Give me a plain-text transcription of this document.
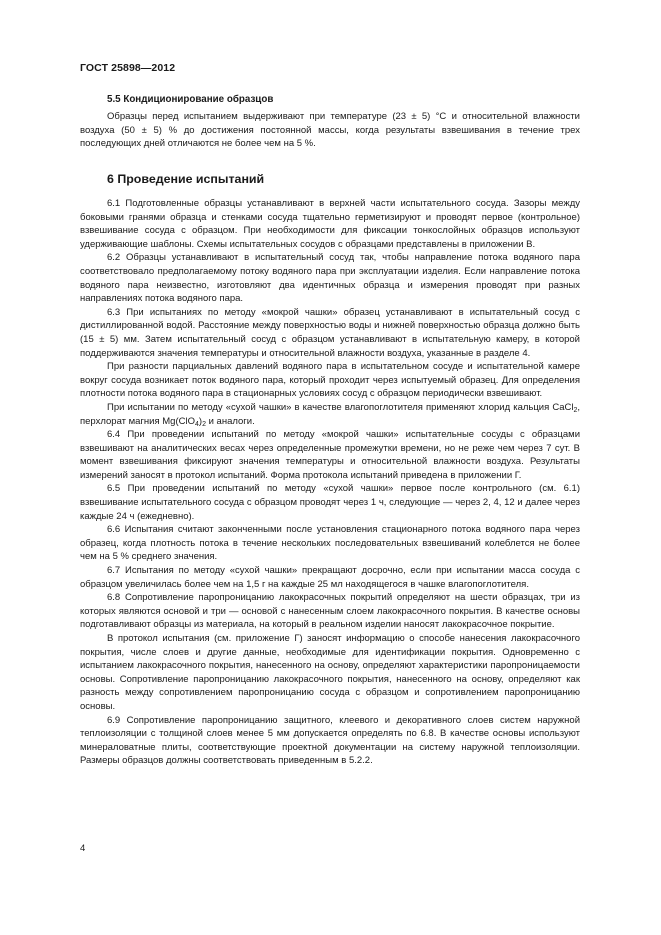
ГОСТ 25898—2012
5.5 Кондиционирование образцов

Образцы перед испытанием выдерживают при температуре (23 ± 5) °С и относительной влажности воздуха (50 ± 5) % до достижения постоянной массы, когда результаты взвешивания в течение трех последующих дней отличаются не более чем на 5 %.

6 Проведение испытаний

6.1 Подготовленные образцы устанавливают в верхней части испытательного сосуда. Зазоры между боковыми гранями образца и стенками сосуда тщательно герметизируют и проводят первое (контрольное) взвешивание сосуда с образцом. При необходимости для фиксации тонкослойных образцов используют удерживающие шаблоны. Схемы испытательных сосудов с образцами представлены в приложении В.

6.2 Образцы устанавливают в испытательный сосуд так, чтобы направление потока водяного пара соответствовало предполагаемому потоку водяного пара при эксплуатации изделия. Если направление потока водяного пара неизвестно, изготовляют два идентичных образца и измерения проводят при разных направлениях потока водяного пара.

6.3 При испытаниях по методу «мокрой чашки» образец устанавливают в испытательный сосуд с дистиллированной водой. Расстояние между поверхностью воды и нижней поверхностью образца должно быть (15 ± 5) мм. Затем испытательный сосуд с образцом устанавливают в испытательную камеру, в которой поддерживаются значения температуры и относительной влажности воздуха, указанные в разделе 4.

При разности парциальных давлений водяного пара в испытательном сосуде и испытательной камере вокруг сосуда возникает поток водяного пара, который проходит через испытуемый образец. Для определения плотности потока водяного пара в стационарных условиях сосуд с образцом периодически взвешивают.

При испытании по методу «сухой чашки» в качестве влагопоглотителя применяют хлорид кальция CaCl$_2$, перхлорат магния $Mg(ClO_4)_2$ и аналоги.

6.4 При проведении испытаний по методу «мокрой чашки» испытательные сосуды с образцами взвешивают на аналитических весах через определенные промежутки времени, но не реже чем через 7 сут. В момент взвешивания фиксируют значения температуры и относительной влажности воздуха. Результаты измерений заносят в протокол испытаний. Форма протокола испытаний приведена в приложении Г.

6.5 При проведении испытаний по методу «сухой чашки» первое после контрольного (см. 6.1) взвешивание испытательного сосуда с образцом проводят через 1 ч, следующие — через 2, 4, 12 и далее через каждые 24 ч (ежедневно).

6.6 Испытания считают законченными после установления стационарного потока водяного пара через образец, когда плотность потока в течение нескольких последовательных взвешиваний колеблется не более чем на 5 % среднего значения.

6.7 Испытания по методу «сухой чашки» прекращают досрочно, если при испытании масса сосуда с образцом увеличилась более чем на 1,5 г на каждые 25 мл находящегося в чашке влагопоглотителя.

6.8 Сопротивление паропроницанию лакокрасочных покрытий определяют на шести образцах, три из которых являются основой и три — основой с нанесенным слоем лакокрасочного покрытия. В качестве основы подготавливают образцы из материала, на который в реальном изделии наносят лакокрасочное покрытие.

В протокол испытания (см. приложение Г) заносят информацию о способе нанесения лакокрасочного покрытия, числе слоев и другие данные, необходимые для идентификации покрытия. Одновременно с испытанием лакокрасочного покрытия, нанесенного на основу, определяют характеристики паропроницаемости основы. Сопротивление паропроницанию лакокрасочного покрытия, нанесенного на основу, определяют как разность между сопротивлением паропроницанию сосуда с образцом и сопротивлением паропроницанию основы.

6.9 Сопротивление паропроницанию защитного, клеевого и декоративного слоев систем наружной теплоизоляции с толщиной слоев менее 5 мм допускается определять по 6.8. В качестве основы используют минераловатные плиты, соответствующие проектной документации на систему наружной теплоизоляции. Размеры образцов должны соответствовать приведенным в 5.2.2.

4
